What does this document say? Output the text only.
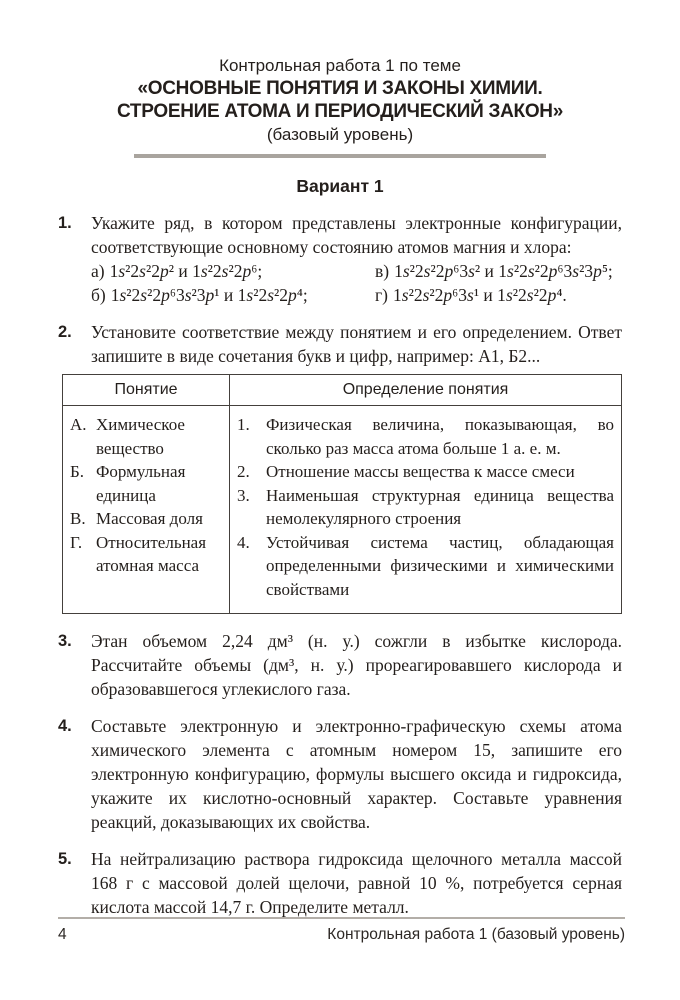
Контрольная работа 1 по теме
«ОСНОВНЫЕ ПОНЯТИЯ И ЗАКОНЫ ХИМИИ.
СТРОЕНИЕ АТОМА И ПЕРИОДИЧЕСКИЙ ЗАКОН»
(базовый уровень)
Вариант 1
1.	Укажите ряд, в котором представлены электронные конфигурации, соответствующие основному состоянию атомов магния и хлора:
а) 1s²2s²2p² и 1s²2s²2p⁶;	в) 1s²2s²2p⁶3s² и 1s²2s²2p⁶3s²3p⁵;
б) 1s²2s²2p⁶3s²3p¹ и 1s²2s²2p⁴;	г) 1s²2s²2p⁶3s¹ и 1s²2s²2p⁴.
2.	Установите соответствие между понятием и его определением. Ответ запишите в виде сочетания букв и цифр, например: А1, Б2...
Понятие	Определение понятия

А. Химическое вещество
Б. Формульная единица
В. Массовая доля
Г. Относительная атомная масса

1. Физическая величина, показывающая, во сколько раз масса атома больше 1 а. е. м.
2. Отношение массы вещества к массе смеси
3. Наименьшая структурная единица вещества немолекулярного строения
4. Устойчивая система частиц, обладающая определенными физическими и химическими свойствами
3.	Этан объемом 2,24 дм³ (н. у.) сожгли в избытке кислорода. Рассчитайте объемы (дм³, н. у.) прореагировавшего кислорода и образовавшегося углекислого газа.
4.	Составьте электронную и электронно-графическую схемы атома химического элемента с атомным номером 15, запишите его электронную конфигурацию, формулы высшего оксида и гидроксида, укажите их кислотно-основный характер. Составьте уравнения реакций, доказывающих их свойства.
5.	На нейтрализацию раствора гидроксида щелочного металла массой 168 г с массовой долей щелочи, равной 10 %, потребуется серная кислота массой 14,7 г. Определите металл.
4	Контрольная работа 1 (базовый уровень)
